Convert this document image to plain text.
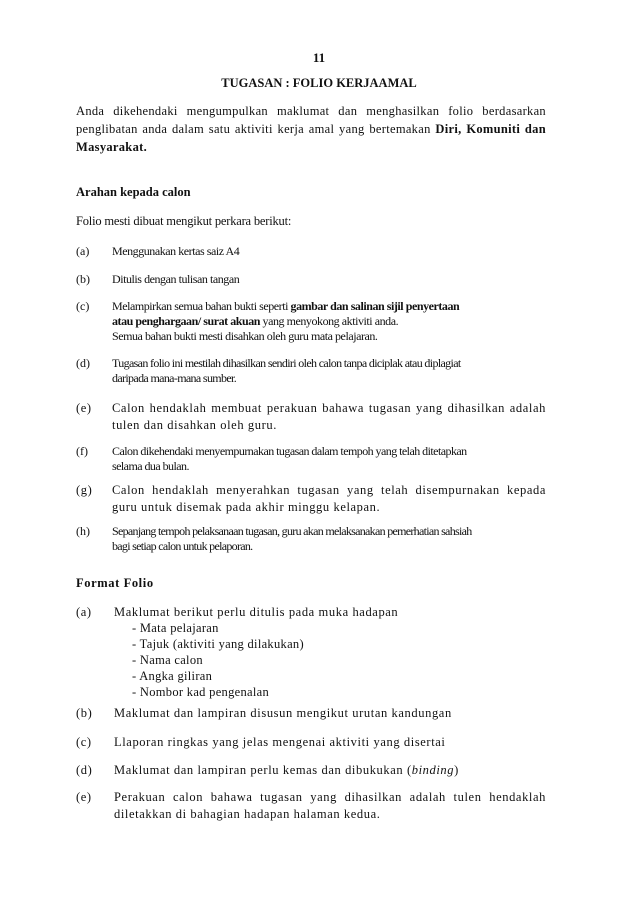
11
TUGASAN : FOLIO KERJAAMAL
Anda dikehendaki mengumpulkan maklumat dan menghasilkan folio berdasarkan penglibatan anda dalam satu aktiviti kerja amal yang bertemakan Diri, Komuniti dan Masyarakat.
Arahan kepada calon
Folio mesti dibuat mengikut perkara berikut:
(a)	Menggunakan kertas saiz A4
(b)	Ditulis dengan tulisan tangan
(c)	Melampirkan semua bahan bukti seperti gambar dan salinan sijil penyertaan
atau penghargaan/ surat akuan yang menyokong aktiviti anda.
Semua bahan bukti mesti disahkan oleh guru mata pelajaran.
(d)	Tugasan folio ini mestilah dihasilkan sendiri oleh calon tanpa diciplak atau diplagiat
daripada mana-mana sumber.
(e)	Calon hendaklah membuat perakuan bahawa tugasan yang dihasilkan adalah tulen dan disahkan oleh guru.
(f)	Calon dikehendaki menyempurnakan tugasan dalam tempoh yang telah ditetapkan
selama dua bulan.
(g)	Calon hendaklah menyerahkan tugasan yang telah disempurnakan kepada guru untuk disemak pada akhir minggu kelapan.
(h)	Sepanjang tempoh pelaksanaan tugasan, guru akan melaksanakan pemerhatian sahsiah
bagi setiap calon untuk pelaporan.
Format Folio
(a)	Maklumat berikut perlu ditulis pada muka hadapan
- Mata pelajaran
- Tajuk (aktiviti yang dilakukan)
- Nama calon
- Angka giliran
- Nombor kad pengenalan
(b)	Maklumat dan lampiran disusun mengikut urutan kandungan
(c)	Llaporan ringkas yang jelas mengenai aktiviti yang disertai
(d)	Maklumat dan lampiran perlu kemas dan dibukukan (binding)
(e)	Perakuan calon bahawa tugasan yang dihasilkan adalah tulen hendaklah diletakkan di bahagian hadapan halaman kedua.
